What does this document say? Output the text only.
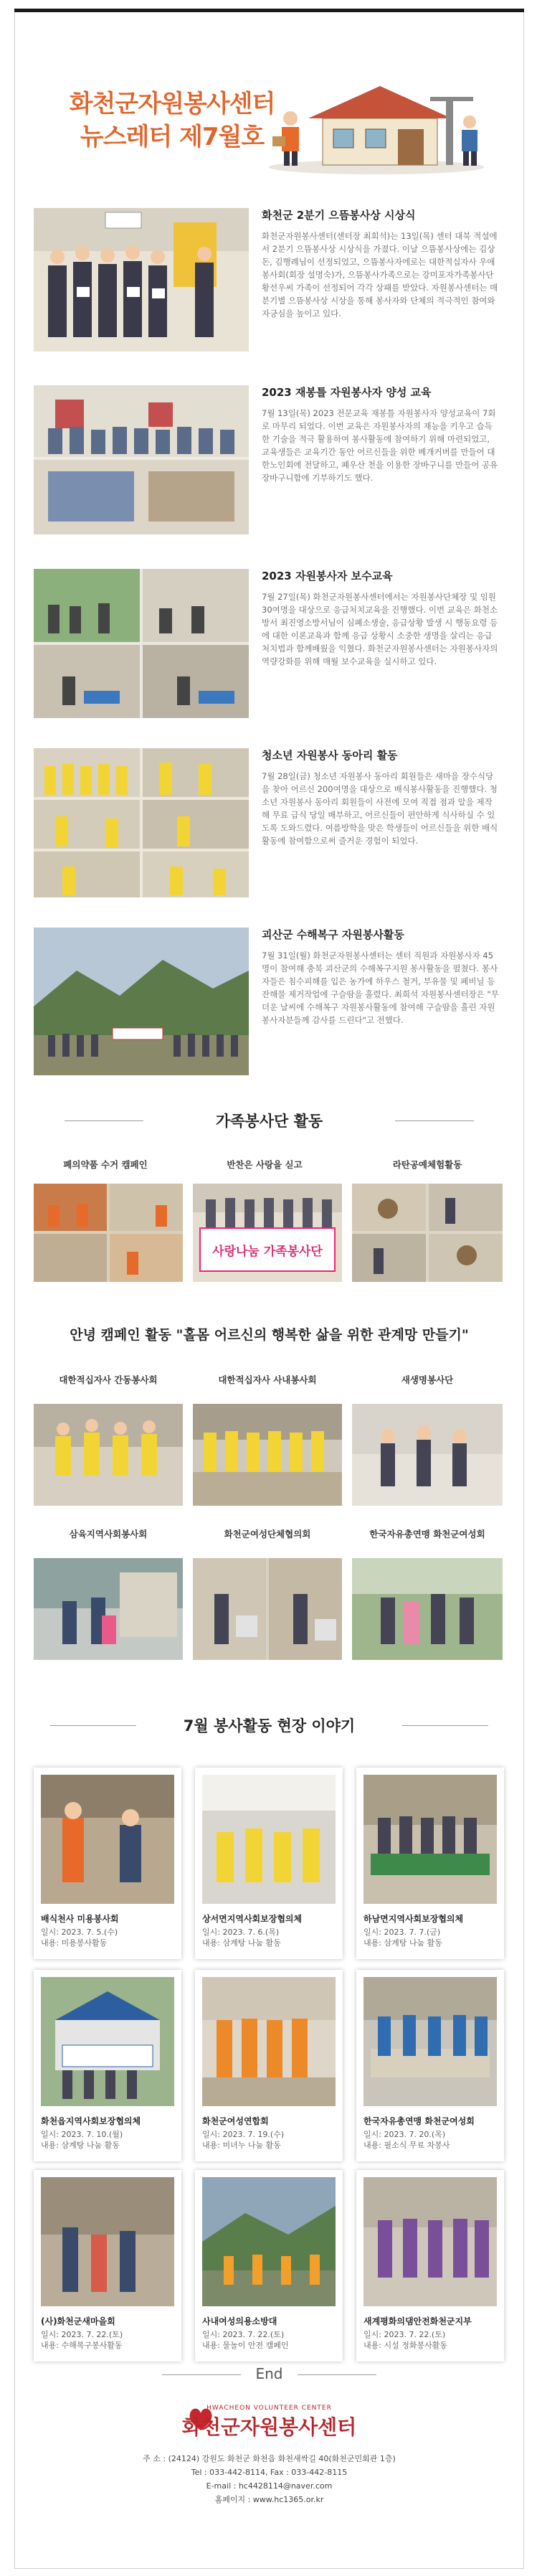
화천군자원봉사센터
뉴스레터 제7월호
화천군 2분기 으뜸봉사상 시상식

화천군자원봉사센터(센터장 최희석)는 13일(목) 센터 대북 적설에서 2분기 으뜸봉사상 시상식을 가졌다. 이날 으뜸봉사상에는 김상돈, 김행례님이 선정되었고, 으뜸봉사자에로는 대한적십자사 우애봉사회(회장 설명숙)가, 으뜸봉사가족으로는 강미포자가족봉사단 황선우씨 가족이 선정되어 각각 상패를 받았다. 자원봉사센터는 매 분기별 으뜸봉사상 시상을 통해 봉사자와 단체의 적극적인 참여와 자긍심을 높이고 있다.

2023 재봉틀 자원봉사자 양성 교육

7월 13일(목) 2023 전문교육 재봉틀 자원봉사자 양성교육이 7회로 마무리 되었다. 이번 교육은 자원봉사자의 재능을 키우고 습득한 기술을 적극 활용하여 봉사활동에 참여하기 위해 마련되었고, 교육생들은 교육기간 동안 어르신들을 위한 베개커버를 만들어 대한노인회에 전달하고, 폐우산 천을 이용한 장바구니를 만들어 공유장바구니함에 기부하기도 했다.

2023 자원봉사자 보수교육

7월 27일(목) 화천군자원봉사센터에서는 자원봉사단체장 및 임원 30여명을 대상으로 응급처치교육을 진행했다. 이번 교육은 화천소방서 최진영소방서님이 심폐소생술, 응급상황 발생 시 행동요령 등에 대한 이론교육과 함께 응급 상황시 소중한 생명을 살리는 응급처치법과 함께배웠을 익혔다. 화천군자원봉사센터는 자원봉사자의 역량강화를 위해 매월 보수교육을 실시하고 있다.

청소년 자원봉사 동아리 활동

7월 28일(금) 청소년 자원봉사 동아리 회원들은 새마을 장수식당을 찾아 어르신 200여명을 대상으로 배식봉사활동을 진행했다. 청소년 자원봉사 동아리 회원들이 사전에 모여 직접 점과 알을 제작해 무료 급식 당일 배부하고, 어르신들이 편안하게 식사하실 수 있도록 도와드렸다. 여름방학을 맞은 학생들이 어르신들을 위한 배식활동에 참여함으로써 즐거운 경험이 되었다.

괴산군 수해복구 자원봉사활동

7월 31일(월) 화천군자원봉사센터는 센터 직원과 자원봉사자 45명이 참여해 충북 괴산군의 수해복구지원 봉사활동을 펼쳤다. 봉사자들은 침수피해를 입은 농가에 하우스 철거, 부유물 및 폐비닐 등 잔해물 제거작업에 구슬땀을 흘렸다. 최희석 자원봉사센터장은 "무더운 날씨에 수해복구 자원봉사활동에 참여해 구슬땀을 흘린 자원봉사자분들께 감사를 드린다"고 전했다.

가족봉사단 활동
폐의약품 수거 캠페인	반찬은 사랑을 싣고	라탄공예체험활동
사랑나눔 가족봉사단
안녕 캠페인 활동 "홀몸 어르신의 행복한 삶을 위한 관계망 만들기"
대한적십자사 간동봉사회	대한적십자사 사내봉사회	새생명봉사단
삼육지역사회봉사회	화천군여성단체협의회	한국자유총연맹 화천군여성회
7월 봉사활동 현장 이야기
배식천사 미용봉사회
일시: 2023. 7. 5.(수)
내용: 미용봉사활동
상서면지역사회보장협의체
일시: 2023. 7. 6.(목)
내용: 삼계탕 나눔 활동
하남면지역사회보장협의체
일시: 2023. 7. 7.(금)
내용: 삼계탕 나눔 활동
화천읍지역사회보장협의체
일시: 2023. 7. 10.(월)
내용: 삼계탕 나눔 활동
화천군여성연합회
일시: 2023. 7. 19.(수)
내용: 미녀누 나눔 활동
한국자유총연맹 화천군여성회
일시: 2023. 7. 20.(목)
내용: 필소식 무료 차봉사
(사)화천군새마을회
일시: 2023. 7. 22.(토)
내용: 수해복구봉사활동
사내여성의용소방대
일시: 2023. 7. 22.(토)
내용: 물놀이 안전 캠페인
새계평화의댐안전화천군지부
일시: 2023. 7. 22.(토)
내용: 시설 정화봉사활동
End
HWACHEON VOLUNTEER CENTER
화천군자원봉사센터
주 소 : (24124) 강원도 화천군 화천읍 화천새싹길 40(화천군민회관 1층)
Tel : 033-442-8114, Fax : 033-442-8115
E-mail : hc4428114@naver.com
홈페이지 : www.hc1365.or.kr
